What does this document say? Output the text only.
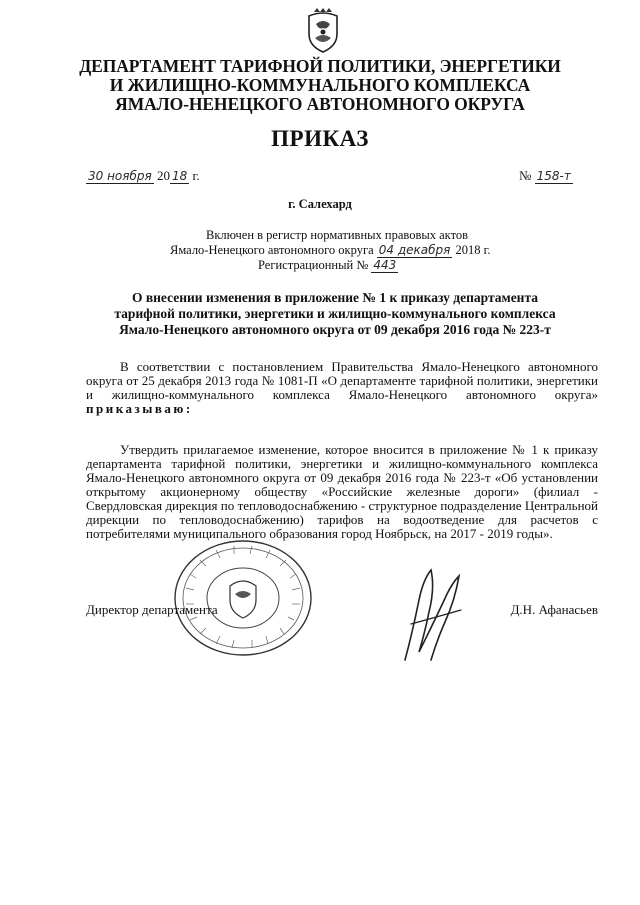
ДЕПАРТАМЕНТ ТАРИФНОЙ ПОЛИТИКИ, ЭНЕРГЕТИКИ
И ЖИЛИЩНО-КОММУНАЛЬНОГО КОМПЛЕКСА
ЯМАЛО-НЕНЕЦКОГО АВТОНОМНОГО ОКРУГА
ПРИКАЗ
30 ноября 20 18 г.	№ 158-т
г. Салехард
Включен в регистр нормативных правовых актов
Ямало-Ненецкого автономного округа 04 декабря 2018 г.
Регистрационный № 443
О внесении изменения в приложение № 1 к приказу департамента
тарифной политики, энергетики и жилищно-коммунального комплекса
Ямало-Ненецкого автономного округа от 09 декабря 2016 года № 223-т
В соответствии с постановлением Правительства Ямало-Ненецкого автономного округа от 25 декабря 2013 года № 1081-П «О департаменте тарифной политики, энергетики и жилищно-коммунального комплекса Ямало-Ненецкого автономного округа» приказываю:
Утвердить прилагаемое изменение, которое вносится в приложение № 1 к приказу департамента тарифной политики, энергетики и жилищно-коммунального комплекса Ямало-Ненецкого автономного округа от 09 декабря 2016 года № 223-т «Об установлении открытому акционерному обществу «Российские железные дороги» (филиал - Свердловская дирекция по тепловодоснабжению - структурное подразделение Центральной дирекции по тепловодоснабжению) тарифов на водоотведение для расчетов с потребителями муниципального образования город Ноябрьск, на 2017 - 2019 годы».
Директор департамента	Д.Н. Афанасьев
